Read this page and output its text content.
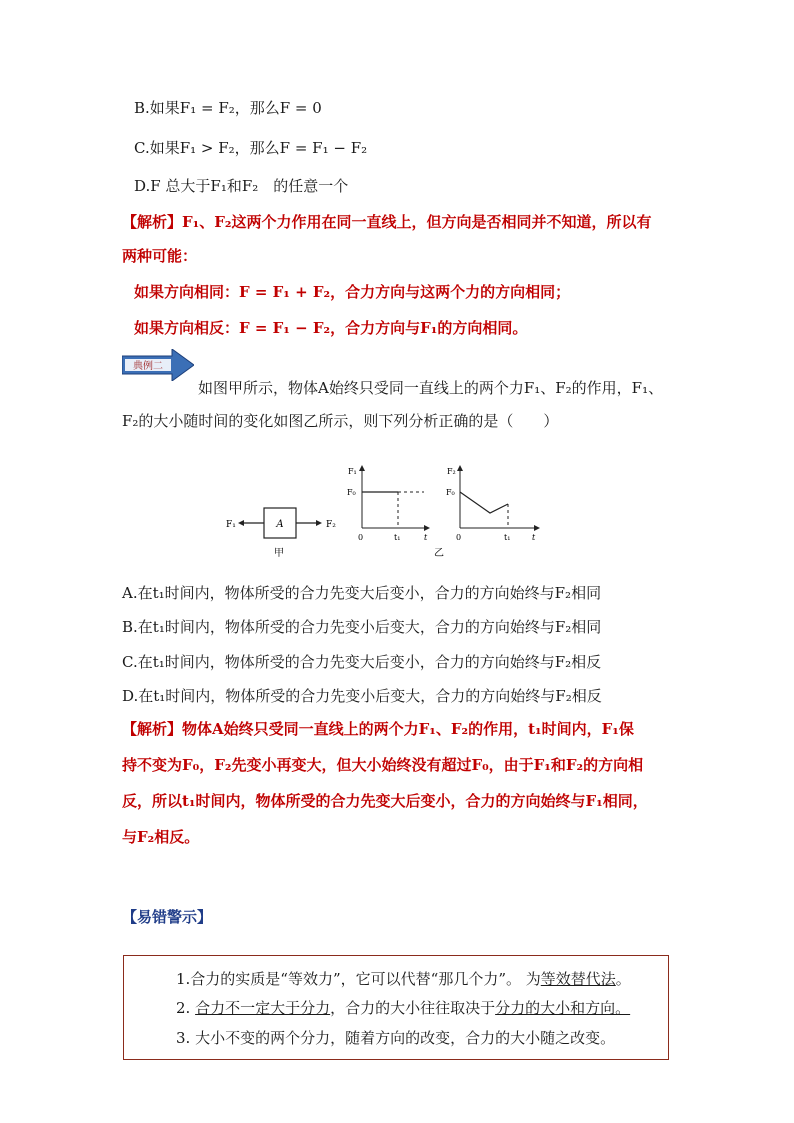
B.如果F₁ = F₂，那么F = 0
C.如果F₁ > F₂，那么F = F₁ − F₂
D.F 总大于F₁和F₂　的任意一个
【解析】F₁、F₂这两个力作用在同一直线上，但方向是否相同并不知道，所以有
两种可能：
如果方向相同：F = F₁ + F₂，合力方向与这两个力的方向相同；
如果方向相反：F = F₁ − F₂，合力方向与F₁的方向相同。
典例二
如图甲所示，物体A始终只受同一直线上的两个力F₁、F₂的作用，F₁、
F₂的大小随时间的变化如图乙所示，则下列分析正确的是（　　）
A
F₁	F₂
甲
F₁
F₀
0	t₁	t
F₂
F₀
0	t₁	t
乙
A.在t₁时间内，物体所受的合力先变大后变小，合力的方向始终与F₂相同
B.在t₁时间内，物体所受的合力先变小后变大，合力的方向始终与F₂相同
C.在t₁时间内，物体所受的合力先变大后变小，合力的方向始终与F₂相反
D.在t₁时间内，物体所受的合力先变小后变大，合力的方向始终与F₂相反
【解析】物体A始终只受同一直线上的两个力F₁、F₂的作用，t₁时间内，F₁保
持不变为F₀，F₂先变小再变大，但大小始终没有超过F₀，由于F₁和F₂的方向相
反，所以t₁时间内，物体所受的合力先变大后变小，合力的方向始终与F₁相同，
与F₂相反。
【易错警示】
1.合力的实质是“等效力”，它可以代替“那几个力”。 为等效替代法。
2. 合力不一定大于分力，合力的大小往往取决于分力的大小和方向。
3. 大小不变的两个分力，随着方向的改变，合力的大小随之改变。
